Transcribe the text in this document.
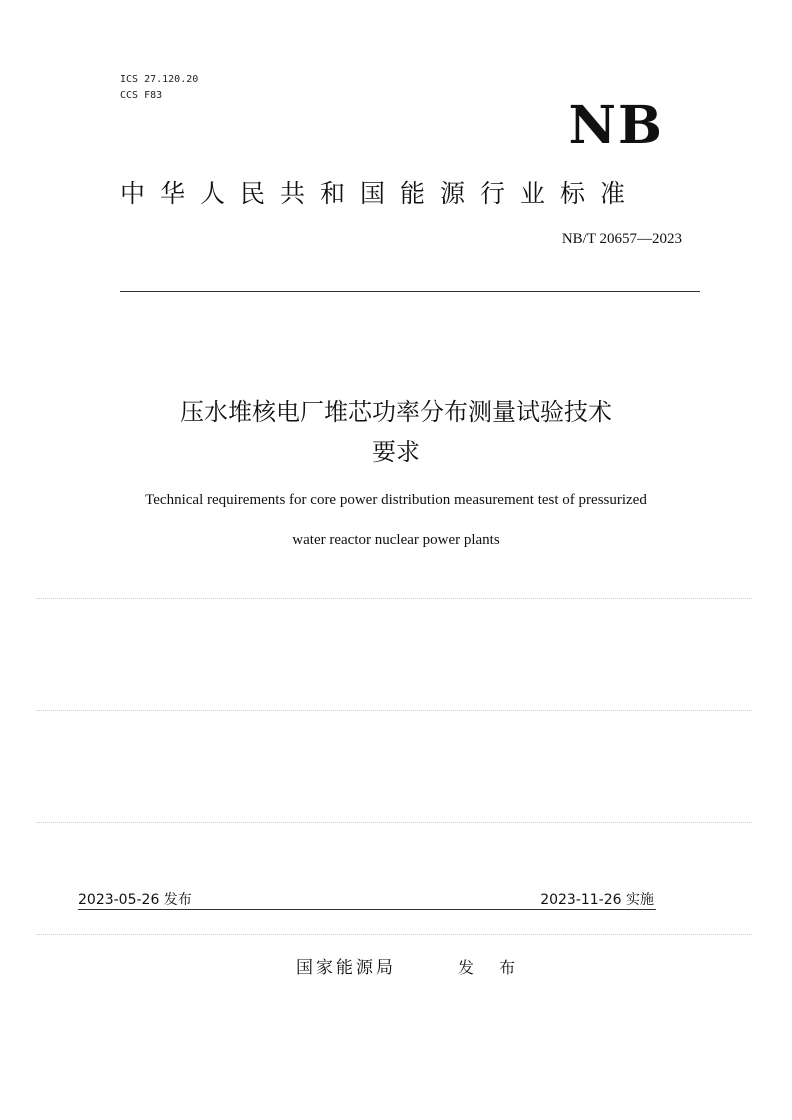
ICS 27.120.20
CCS F83	NB
中华人民共和国能源行业标准
NB/T 20657—2023
压水堆核电厂堆芯功率分布测量试验技术
要求
Technical requirements for core power distribution measurement test of pressurized
water reactor nuclear power plants
2023-05-26 发布	2023-11-26 实施
国家能源局	发 布
